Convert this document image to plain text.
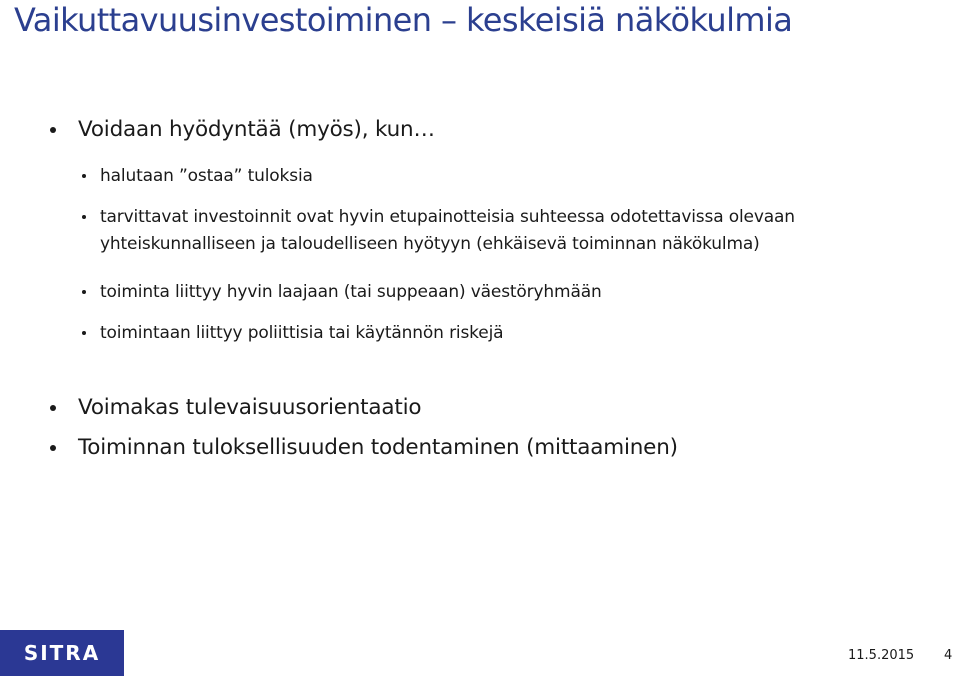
Vaikuttavuusinvestoiminen – keskeisiä näkökulmia
Voidaan hyödyntää (myös), kun…
halutaan ”ostaa” tuloksia
tarvittavat investoinnit ovat hyvin etupainotteisia suhteessa odotettavissa olevaan
yhteiskunnalliseen ja taloudelliseen hyötyyn (ehkäisevä toiminnan näkökulma)
toiminta liittyy hyvin laajaan (tai suppeaan) väestöryhmään
toimintaan liittyy poliittisia tai käytännön riskejä
Voimakas tulevaisuusorientaatio
Toiminnan tuloksellisuuden todentaminen (mittaaminen)
SITRA	11.5.2015 4
